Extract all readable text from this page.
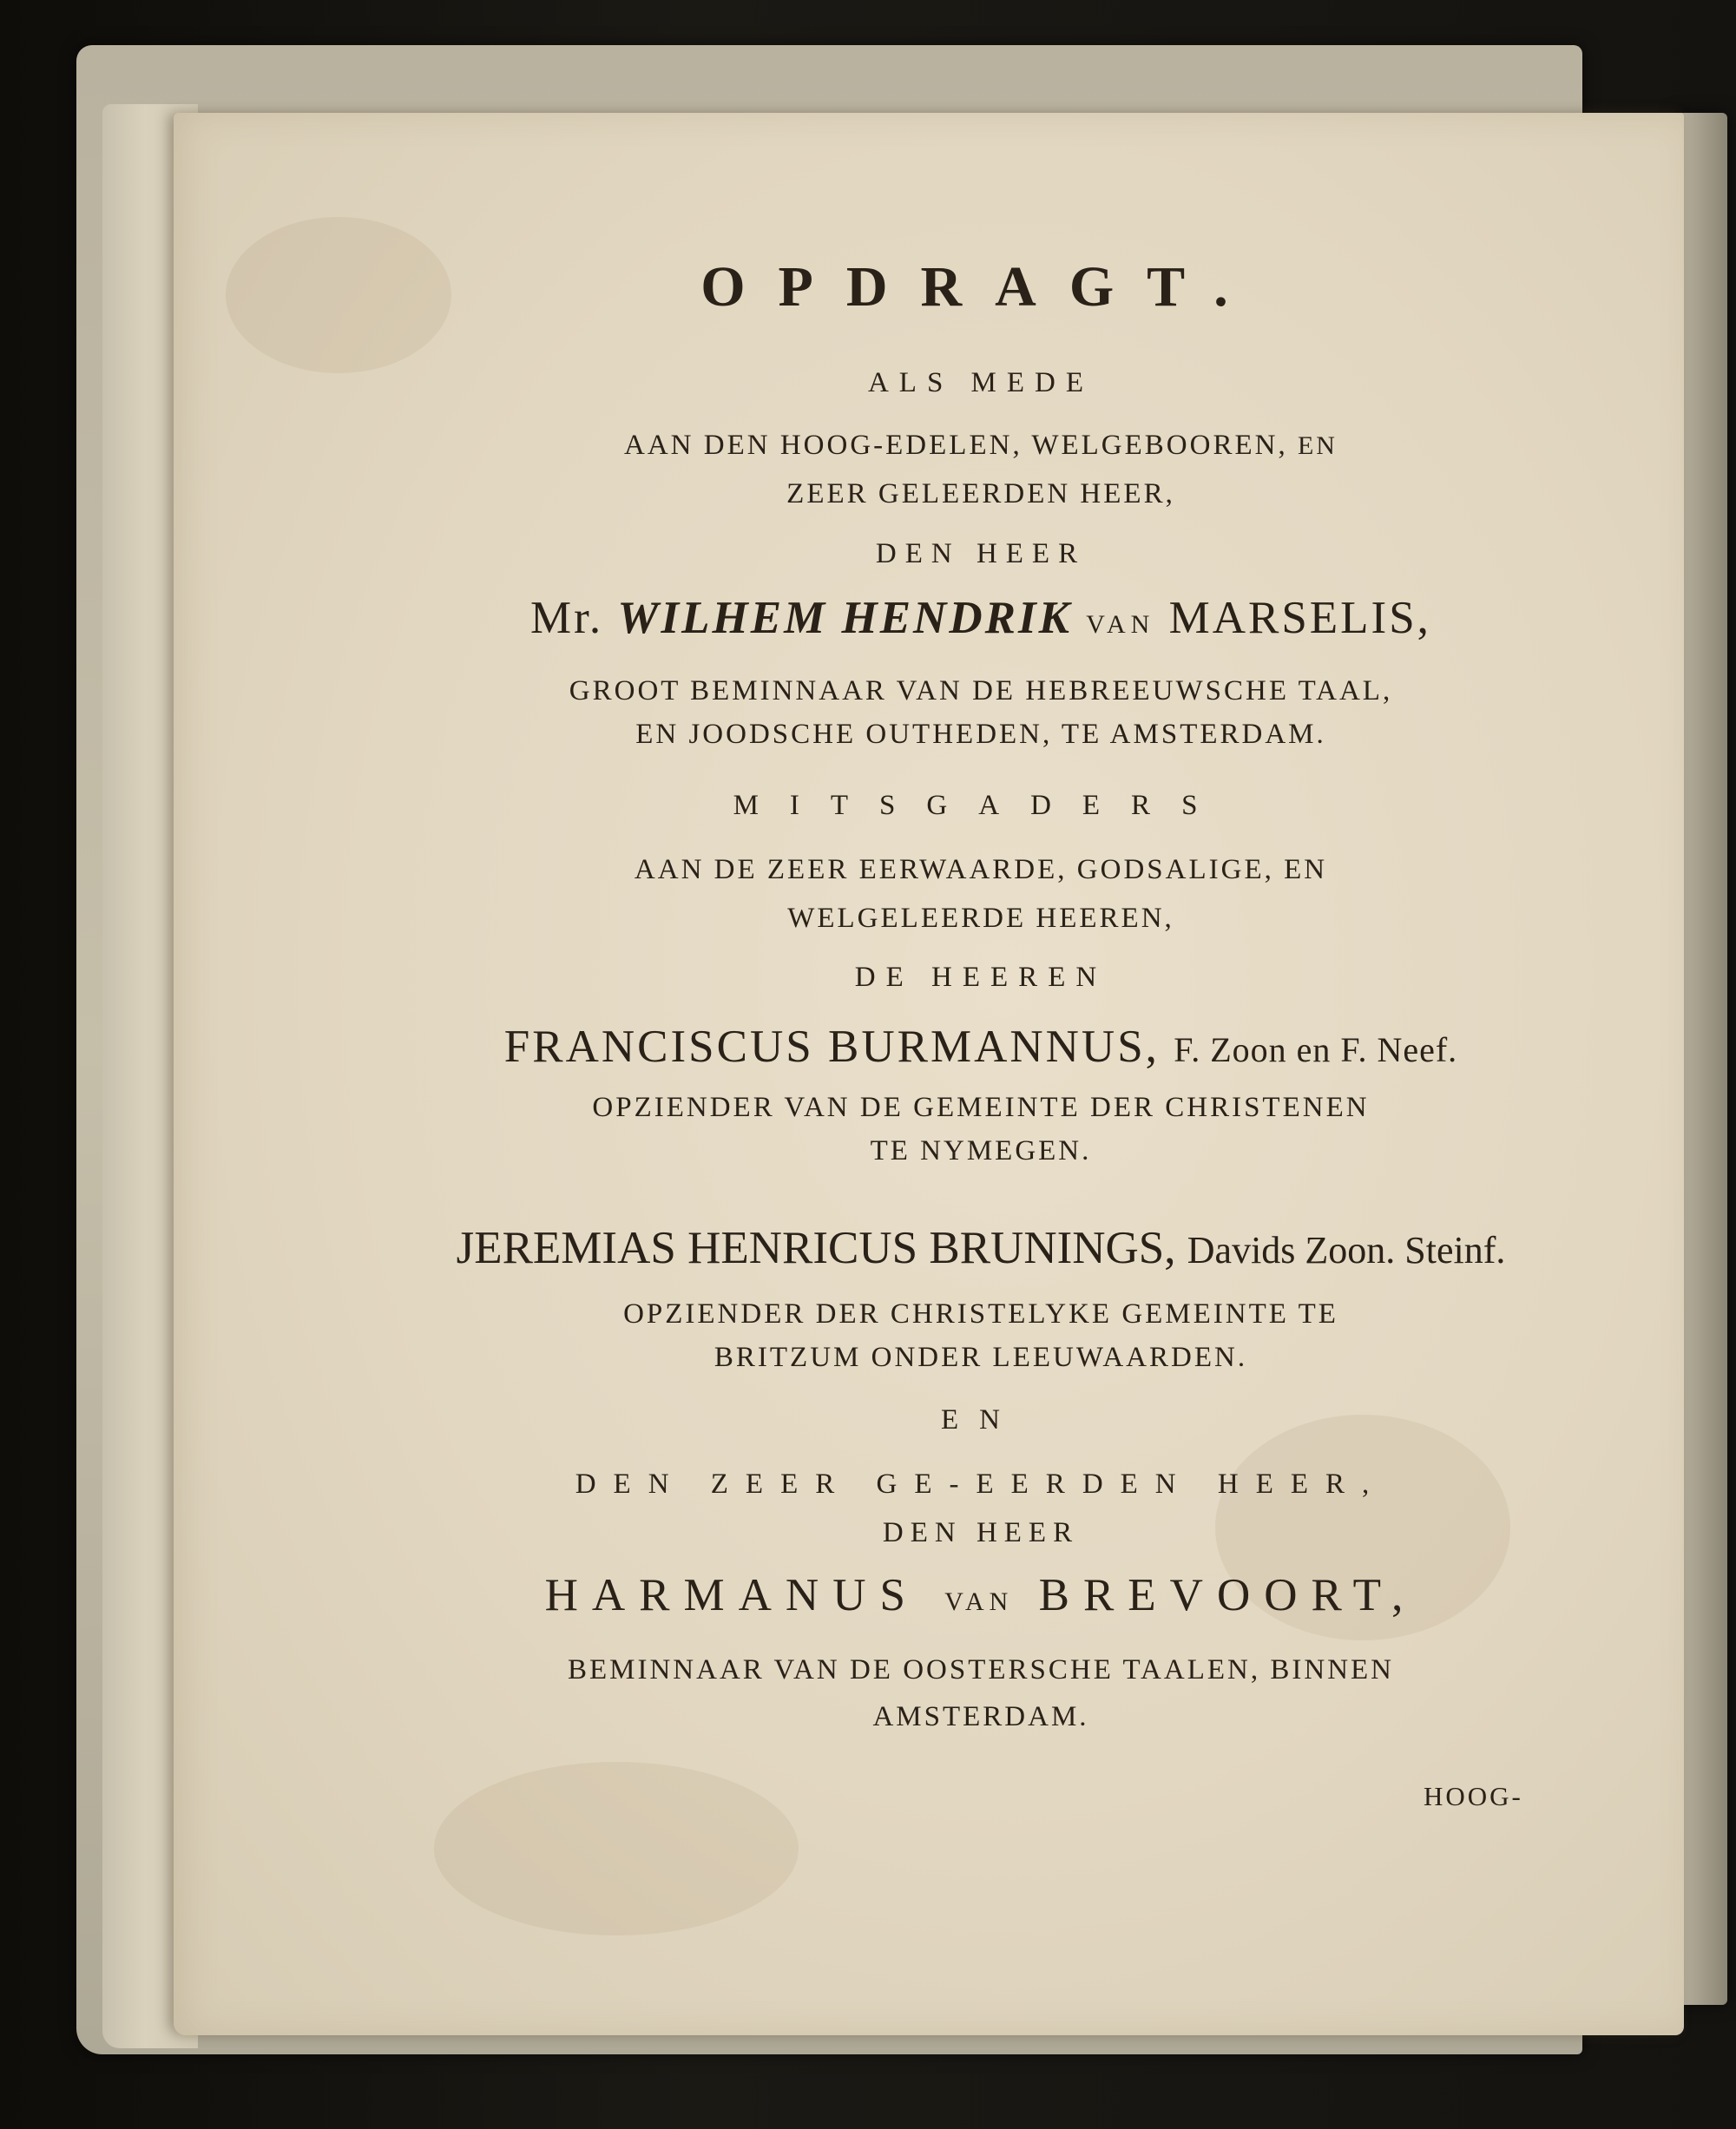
OPDRAGT.
ALS MEDE
AAN DEN HOOG-EDELEN, WELGEBOOREN, EN
ZEER GELEERDEN HEER,
DEN HEER
Mr. WILHEM HENDRIK VAN MARSELIS,
GROOT BEMINNAAR VAN DE HEBREEUWSCHE TAAL,
EN JOODSCHE OUTHEDEN, TE AMSTERDAM.
MITSGADERS
AAN DE ZEER EERWAARDE, GODSALIGE, EN
WELGELEERDE HEEREN,
DE HEEREN
FRANCISCUS BURMANNUS, F. Zoon en F. Neef.
OPZIENDER VAN DE GEMEINTE DER CHRISTENEN
TE NYMEGEN.
JEREMIAS HENRICUS BRUNINGS, Davids Zoon. Steinf.
OPZIENDER DER CHRISTELYKE GEMEINTE TE
BRITZUM ONDER LEEUWAARDEN.
EN
DEN ZEER GE-EERDEN HEER,
DEN HEER
HARMANUS VAN BREVOORT,
BEMINNAAR VAN DE OOSTERSCHE TAALEN, BINNEN
AMSTERDAM.
HOOG-
